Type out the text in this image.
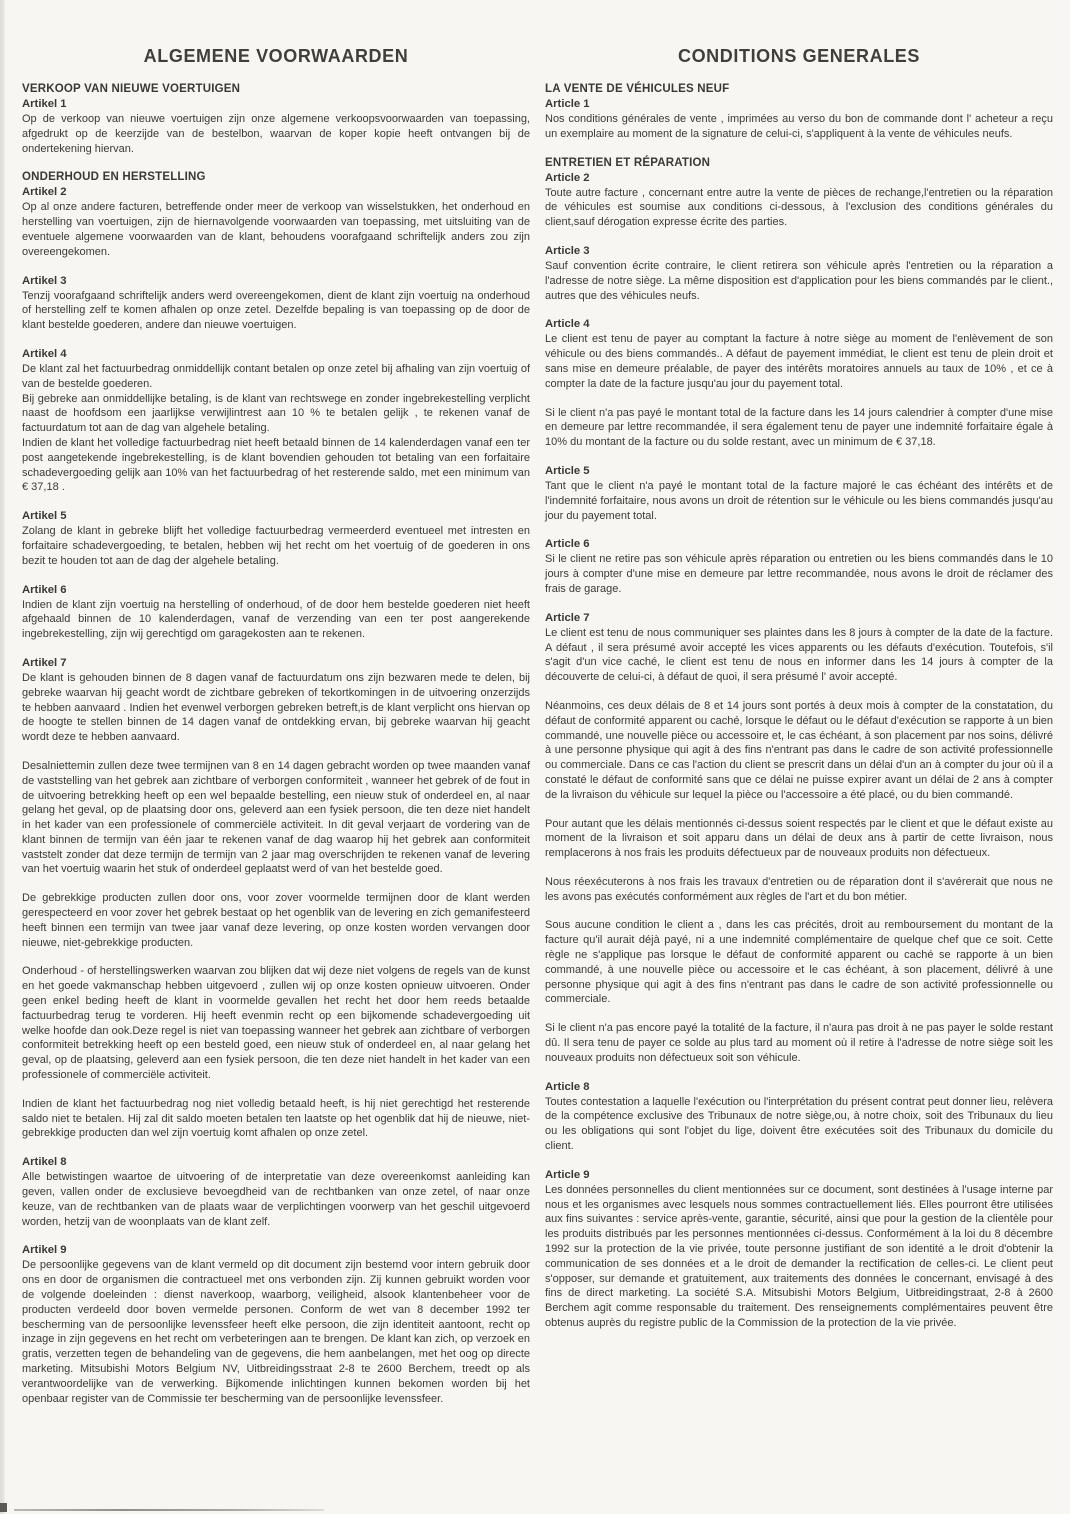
ALGEMENE VOORWAARDEN
VERKOOP VAN NIEUWE VOERTUIGEN
Artikel 1

Op de verkoop van nieuwe voertuigen zijn onze algemene verkoopsvoorwaarden van toepassing, afgedrukt op de keerzijde van de bestelbon, waarvan de koper kopie heeft ontvangen bij de ondertekening hiervan.

ONDERHOUD EN HERSTELLING
Artikel 2

Op al onze andere facturen, betreffende onder meer de verkoop van wisselstukken, het onderhoud en herstelling van voertuigen, zijn de hiernavolgende voorwaarden van toepassing, met uitsluiting van de eventuele algemene voorwaarden van de klant, behoudens voorafgaand schriftelijk anders zou zijn overeengekomen.

Artikel 3

Tenzij voorafgaand schriftelijk anders werd overeengekomen, dient de klant zijn voertuig na onderhoud of herstelling zelf te komen afhalen op onze zetel. Dezelfde bepaling is van toepassing op de door de klant bestelde goederen, andere dan nieuwe voertuigen.

Artikel 4

De klant zal het factuurbedrag onmiddellijk contant betalen op onze zetel bij afhaling van zijn voertuig of van de bestelde goederen.

Bij gebreke aan onmiddellijke betaling, is de klant van rechtswege en zonder ingebrekestelling verplicht naast de hoofdsom een jaarlijkse verwijlintrest aan 10 % te betalen gelijk , te rekenen vanaf de factuurdatum tot aan de dag van algehele betaling.

Indien de klant het volledige factuurbedrag niet heeft betaald binnen de 14 kalenderdagen vanaf een ter post aangetekende ingebrekestelling, is de klant bovendien gehouden tot betaling van een forfaitaire schadevergoeding gelijk aan 10% van het factuurbedrag of het resterende saldo, met een minimum van € 37,18 .

Artikel 5

Zolang de klant in gebreke blijft het volledige factuurbedrag vermeerderd eventueel met intresten en forfaitaire schadevergoeding, te betalen, hebben wij het recht om het voertuig of de goederen in ons bezit te houden tot aan de dag der algehele betaling.

Artikel 6

Indien de klant zijn voertuig na herstelling of onderhoud, of de door hem bestelde goederen niet heeft afgehaald binnen de 10 kalenderdagen, vanaf de verzending van een ter post aangerekende ingebrekestelling, zijn wij gerechtigd om garagekosten aan te rekenen.

Artikel 7

De klant is gehouden binnen de 8 dagen vanaf de factuurdatum ons zijn bezwaren mede te delen, bij gebreke waarvan hij geacht wordt de zichtbare gebreken of tekortkomingen in de uitvoering onzerzijds te hebben aanvaard . Indien het evenwel verborgen gebreken betreft,is de klant verplicht ons hiervan op de hoogte te stellen binnen de 14 dagen vanaf de ontdekking ervan, bij gebreke waarvan hij geacht wordt deze te hebben aanvaard.

Desalniettemin zullen deze twee termijnen van 8 en 14 dagen gebracht worden op twee maanden vanaf de vaststelling van het gebrek aan zichtbare of verborgen conformiteit , wanneer het gebrek of de fout in de uitvoering betrekking heeft op een wel bepaalde bestelling, een nieuw stuk of onderdeel en, al naar gelang het geval, op de plaatsing door ons, geleverd aan een fysiek persoon, die ten deze niet handelt in het kader van een professionele of commerciële activiteit. In dit geval verjaart de vordering van de klant binnen de termijn van één jaar te rekenen vanaf de dag waarop hij het gebrek aan conformiteit vaststelt zonder dat deze termijn de termijn van 2 jaar mag overschrijden te rekenen vanaf de levering van het voertuig waarin het stuk of onderdeel geplaatst werd of van het bestelde goed.

De gebrekkige producten zullen door ons, voor zover voormelde termijnen door de klant werden gerespecteerd en voor zover het gebrek bestaat op het ogenblik van de levering en zich gemanifesteerd heeft binnen een termijn van twee jaar vanaf deze levering, op onze kosten worden vervangen door nieuwe, niet-gebrekkige producten.

Onderhoud - of herstellingswerken waarvan zou blijken dat wij deze niet volgens de regels van de kunst en het goede vakmanschap hebben uitgevoerd , zullen wij op onze kosten opnieuw uitvoeren. Onder geen enkel beding heeft de klant in voormelde gevallen het recht het door hem reeds betaalde factuurbedrag terug te vorderen. Hij heeft evenmin recht op een bijkomende schadevergoeding uit welke hoofde dan ook.Deze regel is niet van toepassing wanneer het gebrek aan zichtbare of verborgen conformiteit betrekking heeft op een besteld goed, een nieuw stuk of onderdeel en, al naar gelang het geval, op de plaatsing, geleverd aan een fysiek persoon, die ten deze niet handelt in het kader van een professionele of commerciële activiteit.

Indien de klant het factuurbedrag nog niet volledig betaald heeft, is hij niet gerechtigd het resterende saldo niet te betalen. Hij zal dit saldo moeten betalen ten laatste op het ogenblik dat hij de nieuwe, niet-gebrekkige producten dan wel zijn voertuig komt afhalen op onze zetel.

Artikel 8

Alle betwistingen waartoe de uitvoering of de interpretatie van deze overeenkomst aanleiding kan geven, vallen onder de exclusieve bevoegdheid van de rechtbanken van onze zetel, of naar onze keuze, van de rechtbanken van de plaats waar de verplichtingen voorwerp van het geschil uitgevoerd worden, hetzij van de woonplaats van de klant zelf.

Artikel 9

De persoonlijke gegevens van de klant vermeld op dit document zijn bestemd voor intern gebruik door ons en door de organismen die contractueel met ons verbonden zijn. Zij kunnen gebruikt worden voor de volgende doeleinden : dienst naverkoop, waarborg, veiligheid, alsook klantenbeheer voor de producten verdeeld door boven vermelde personen. Conform de wet van 8 december 1992 ter bescherming van de persoonlijke levenssfeer heeft elke persoon, die zijn identiteit aantoont, recht op inzage in zijn gegevens en het recht om verbeteringen aan te brengen. De klant kan zich, op verzoek en gratis, verzetten tegen de behandeling van de gegevens, die hem aanbelangen, met het oog op directe marketing. Mitsubishi Motors Belgium NV, Uitbreidingsstraat 2-8 te 2600 Berchem, treedt op als verantwoordelijke van de verwerking. Bijkomende inlichtingen kunnen bekomen worden bij het openbaar register van de Commissie ter bescherming van de persoonlijke levenssfeer.

CONDITIONS GENERALES
LA VENTE DE VÉHICULES NEUF
Article 1

Nos conditions générales de vente , imprimées au verso du bon de commande dont l' acheteur a reçu un exemplaire au moment de la signature de celui-ci, s'appliquent à la vente de véhicules neufs.

ENTRETIEN ET RÉPARATION
Article 2

Toute autre facture , concernant entre autre la vente de pièces de rechange,l'entretien ou la réparation de véhicules est soumise aux conditions ci-dessous, à l'exclusion des conditions générales du client,sauf dérogation expresse écrite des parties.

Article 3

Sauf convention écrite contraire, le client retirera son véhicule après l'entretien ou la réparation a l'adresse de notre siège. La même disposition est d'application pour les biens commandés par le client., autres que des véhicules neufs.

Article 4

Le client est tenu de payer au comptant la facture à notre siège au moment de l'enlèvement de son véhicule ou des biens commandés.. A défaut de payement immédiat, le client est tenu de plein droit et sans mise en demeure préalable, de payer des intérêts moratoires annuels au taux de 10% , et ce à compter la date de la facture jusqu'au jour du payement total.

Si le client n'a pas payé le montant total de la facture dans les 14 jours calendrier à compter d'une mise en demeure par lettre recommandée, il sera également tenu de payer une indemnité forfaitaire égale à 10% du montant de la facture ou du solde restant, avec un minimum de € 37,18.

Article 5

Tant que le client n'a payé le montant total de la facture majoré le cas échéant des intérêts et de l'indemnité forfaitaire, nous avons un droit de rétention sur le véhicule ou les biens commandés jusqu'au jour du payement total.

Article 6

Si le client ne retire pas son véhicule après réparation ou entretien ou les biens commandés dans le 10 jours à compter d'une mise en demeure par lettre recommandée, nous avons le droit de réclamer des frais de garage.

Article 7

Le client est tenu de nous communiquer ses plaintes dans les 8 jours à compter de la date de la facture. A défaut , il sera présumé avoir accepté les vices apparents ou les défauts d'exécution. Toutefois, s'il s'agit d'un vice caché, le client est tenu de nous en informer dans les 14 jours à compter de la découverte de celui-ci, à défaut de quoi, il sera présumé l' avoir accepté.

Néanmoins, ces deux délais de 8 et 14 jours sont portés à deux mois à compter de la constatation, du défaut de conformité apparent ou caché, lorsque le défaut ou le défaut d'exécution se rapporte à un bien commandé, une nouvelle pièce ou accessoire et, le cas échéant, à son placement par nos soins, délivré à une personne physique qui agit à des fins n'entrant pas dans le cadre de son activité professionnelle ou commerciale. Dans ce cas l'action du client se prescrit dans un délai d'un an à compter du jour où il a constaté le défaut de conformité sans que ce délai ne puisse expirer avant un délai de 2 ans à compter de la livraison du véhicule sur lequel la pièce ou l'accessoire a été placé, ou du bien commandé.

Pour autant que les délais mentionnés ci-dessus soient respectés par le client et que le défaut existe au moment de la livraison et soit apparu dans un délai de deux ans à partir de cette livraison, nous remplacerons à nos frais les produits défectueux par de nouveaux produits non défectueux.

Nous réexécuterons à nos frais les travaux d'entretien ou de réparation dont il s'avérerait que nous ne les avons pas exécutés conformément aux règles de l'art et du bon métier.

Sous aucune condition le client a , dans les cas précités, droit au remboursement du montant de la facture qu'il aurait déjà payé, ni a une indemnité complémentaire de quelque chef que ce soit. Cette règle ne s'applique pas lorsque le défaut de conformité apparent ou caché se rapporte à un bien commandé, à une nouvelle pièce ou accessoire et le cas échéant, à son placement, délivré à une personne physique qui agit à des fins n'entrant pas dans le cadre de son activité professionnelle ou commerciale.

Si le client n'a pas encore payé la totalité de la facture, il n'aura pas droit à ne pas payer le solde restant dû. Il sera tenu de payer ce solde au plus tard au moment où il retire à l'adresse de notre siège soit les nouveaux produits non défectueux soit son véhicule.

Article 8

Toutes contestation a laquelle l'exécution ou l'interprétation du présent contrat peut donner lieu, relèvera de la compétence exclusive des Tribunaux de notre siège,ou, à notre choix, soit des Tribunaux du lieu ou les obligations qui sont l'objet du lige, doivent être exécutées soit des Tribunaux du domicile du client.

Article 9

Les données personnelles du client mentionnées sur ce document, sont destinées à l'usage interne par nous et les organismes avec lesquels nous sommes contractuellement liés. Elles pourront être utilisées aux fins suivantes : service après-vente, garantie, sécurité, ainsi que pour la gestion de la clientèle pour les produits distribués par les personnes mentionnées ci-dessus. Conformément à la loi du 8 décembre 1992 sur la protection de la vie privée, toute personne justifiant de son identité a le droit d'obtenir la communication de ses données et a le droit de demander la rectification de celles-ci. Le client peut s'opposer, sur demande et gratuitement, aux traitements des données le concernant, envisagé à des fins de direct marketing. La société S.A. Mitsubishi Motors Belgium, Uitbreidingstraat, 2-8 à 2600 Berchem agit comme responsable du traitement. Des renseignements complémentaires peuvent être obtenus auprès du registre public de la Commission de la protection de la vie privée.
